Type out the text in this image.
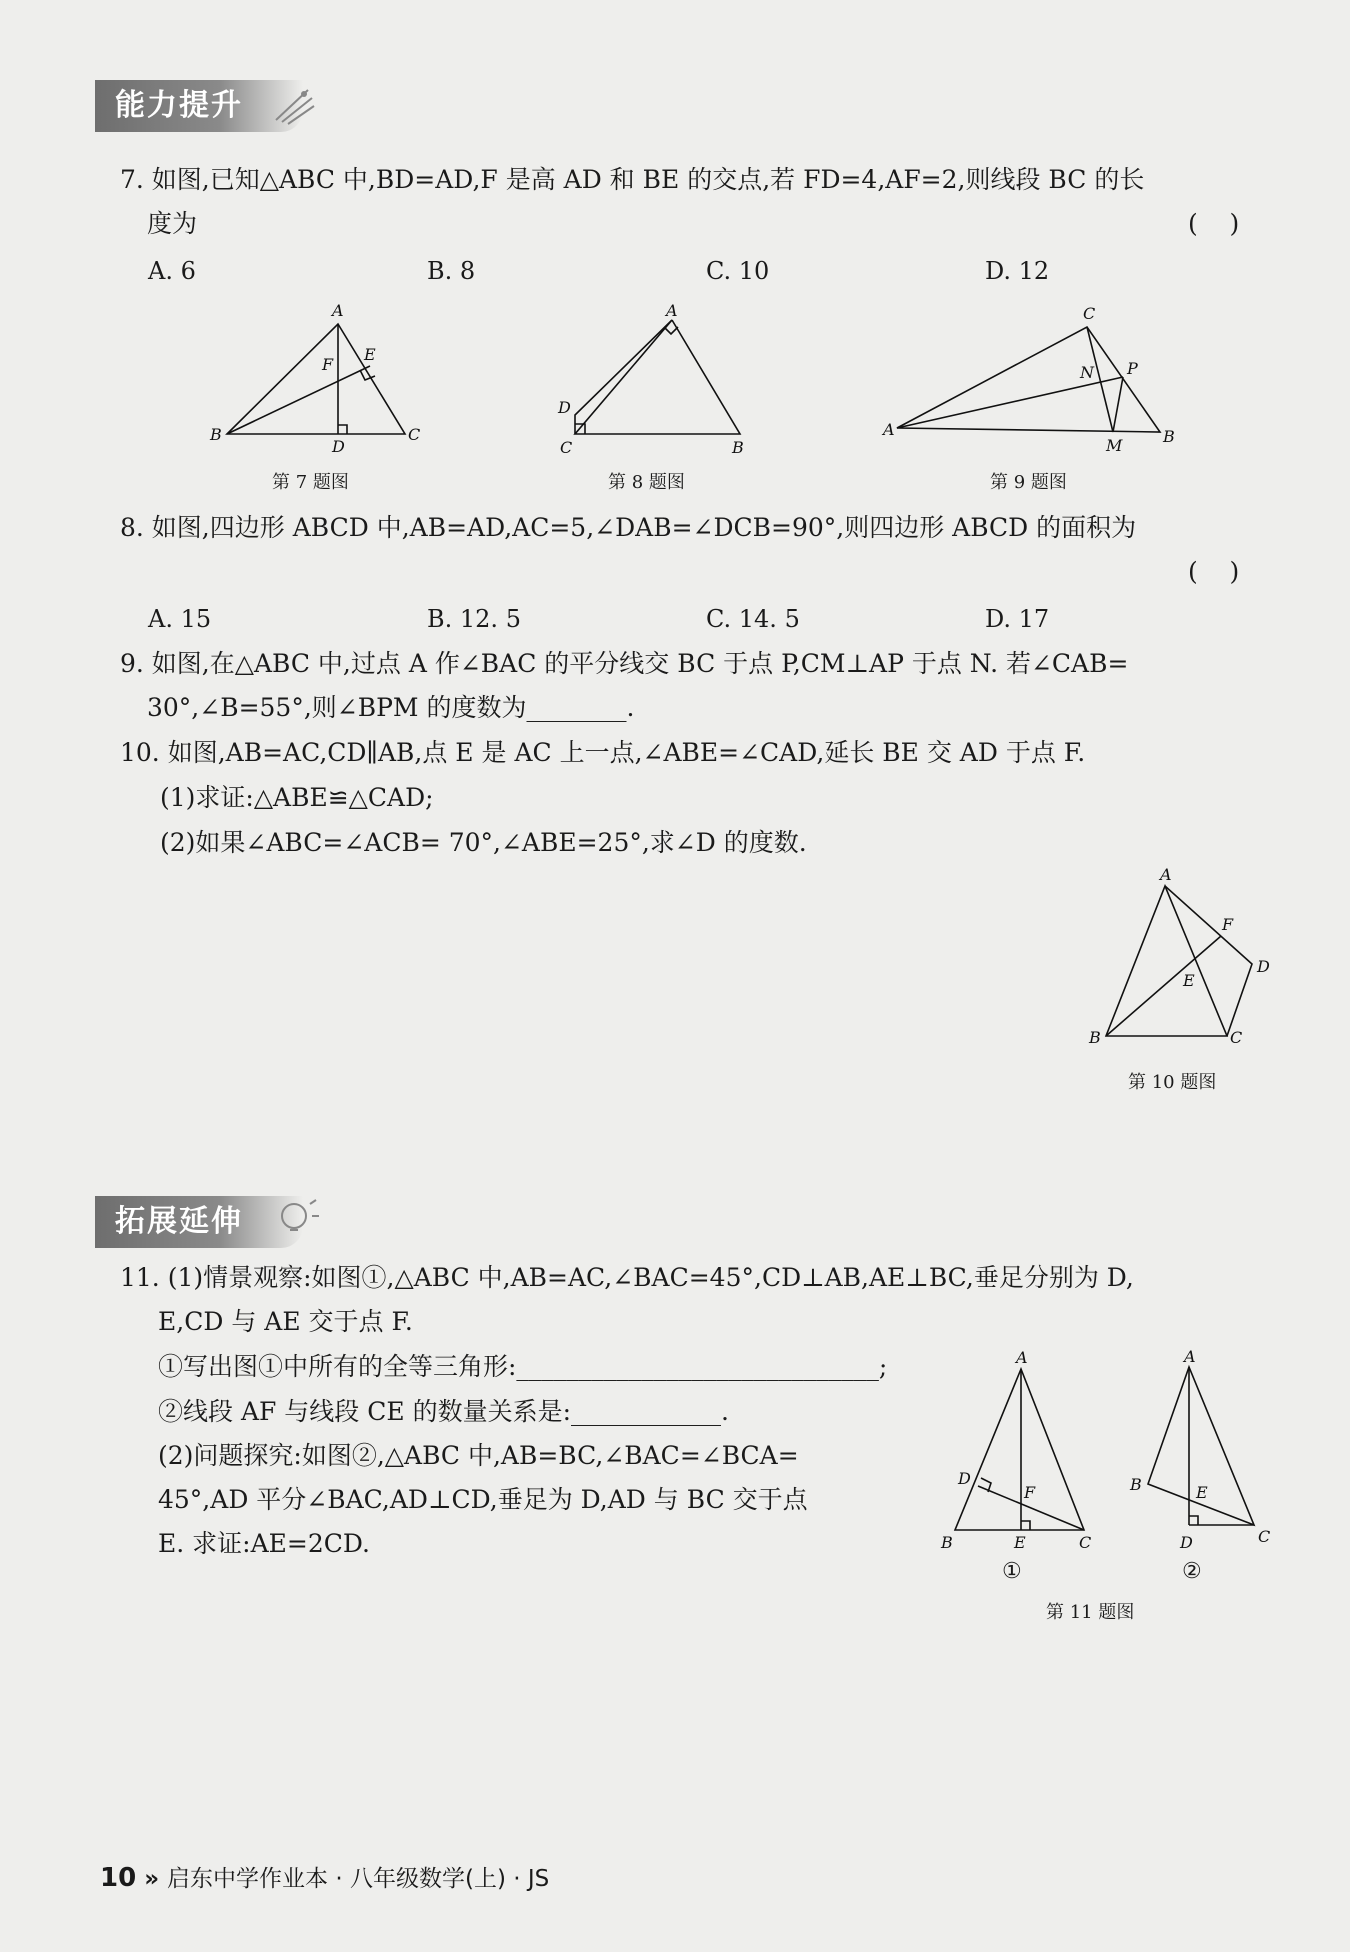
能力提升
7. 如图,已知△ABC 中,BD=AD,F 是高 AD 和 BE 的交点,若 FD=4,AF=2,则线段 BC 的长
度为	(    )
A. 6	B. 8	C. 10	D. 12
A
B	C
D
E
F
第 7 题图
A
B
C
D
第 8 题图
C
A	B
M
N P
第 9 题图
8. 如图,四边形 ABCD 中,AB=AD,AC=5,∠DAB=∠DCB=90°,则四边形 ABCD 的面积为
(    )
A. 15	B. 12. 5	C. 14. 5	D. 17
9. 如图,在△ABC 中,过点 A 作∠BAC 的平分线交 BC 于点 P,CM⊥AP 于点 N. 若∠CAB=
30°,∠B=55°,则∠BPM 的度数为________.
10. 如图,AB=AC,CD∥AB,点 E 是 AC 上一点,∠ABE=∠CAD,延长 BE 交 AD 于点 F.
(1)求证:△ABE≌△CAD;
(2)如果∠ABC=∠ACB= 70°,∠ABE=25°,求∠D 的度数.
A
B	C
D
E
F
第 10 题图
拓展延伸
11. (1)情景观察:如图①,△ABC 中,AB=AC,∠BAC=45°,CD⊥AB,AE⊥BC,垂足分别为 D,
E,CD 与 AE 交于点 F.
①写出图①中所有的全等三角形:_____________________________;
②线段 AF 与线段 CE 的数量关系是:____________.
(2)问题探究:如图②,△ABC 中,AB=BC,∠BAC=∠BCA=
45°,AD 平分∠BAC,AD⊥CD,垂足为 D,AD 与 BC 交于点
E. 求证:AE=2CD.
A
B	C
D
E
F
①
A
B
C
D
E
②
第 11 题图
10 » 启东中学作业本 · 八年级数学(上) · JS
